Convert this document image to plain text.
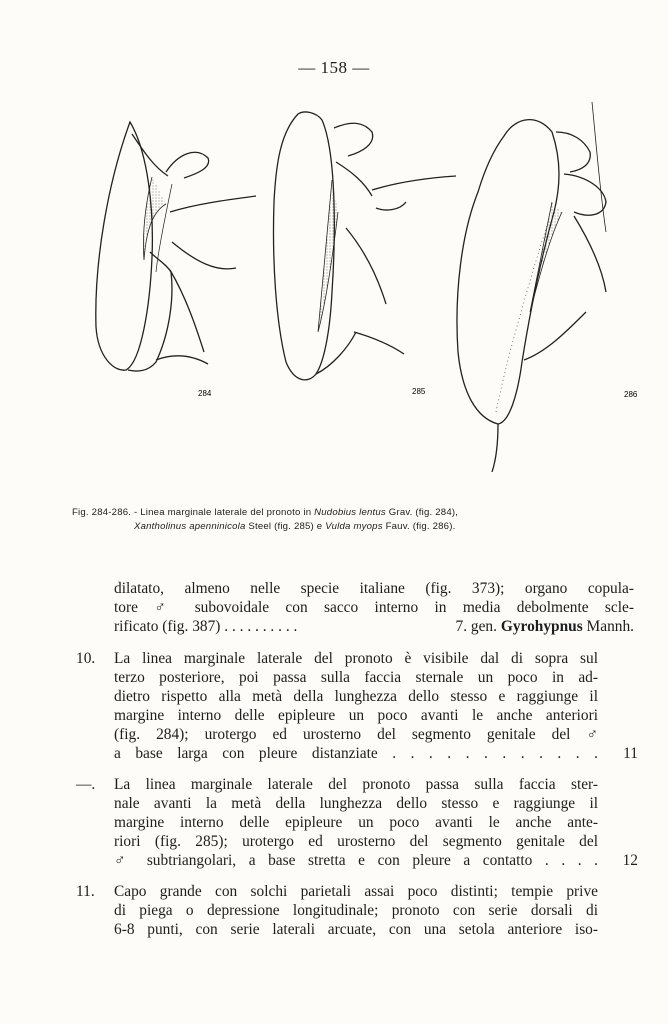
— 158 —
284	285	286
Fig. 284-286. - Linea marginale laterale del pronoto in Nudobius lentus Grav. (fig. 284),
Xantholinus apenninicola Steel (fig. 285) e Vulda myops Fauv. (fig. 286).
dilatato, almeno nelle specie italiane (fig. 373); organo copula-
tore ♂ subovoidale con sacco interno in media debolmente scle-
rificato (fig. 387) . . . . . . . . . .	7. gen. Gyrohypnus Mannh.
10.	La linea marginale laterale del pronoto è visibile dal di sopra sul
terzo posteriore, poi passa sulla faccia sternale un poco in ad-
dietro rispetto alla metà della lunghezza dello stesso e raggiunge il
margine interno delle epipleure un poco avanti le anche anteriori
(fig. 284); urotergo ed urosterno del segmento genitale del ♂
a base larga con pleure distanziate . . . . . . . . . . . .	11
—.	La linea marginale laterale del pronoto passa sulla faccia ster-
nale avanti la metà della lunghezza dello stesso e raggiunge il
margine interno delle epipleure un poco avanti le anche ante-
riori (fig. 285); urotergo ed urosterno del segmento genitale del
♂ subtriangolari, a base stretta e con pleure a contatto . . . .	12
11.	Capo grande con solchi parietali assai poco distinti; tempie prive
di piega o depressione longitudinale; pronoto con serie dorsali di
6-8 punti, con serie laterali arcuate, con una setola anteriore iso-
